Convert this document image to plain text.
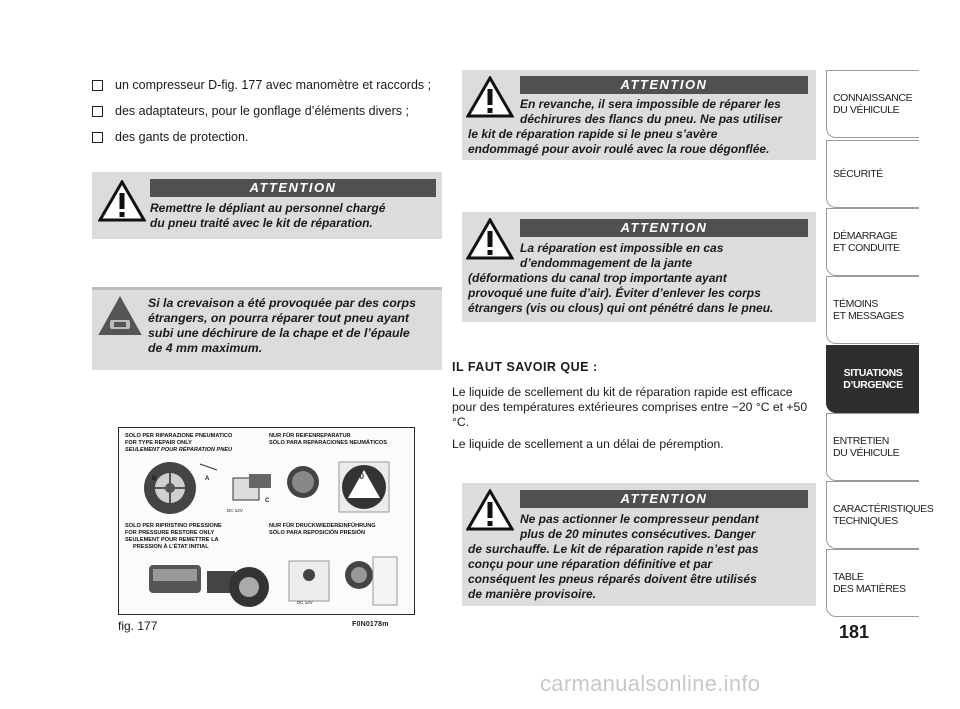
un compresseur D-fig. 177 avec manomètre et raccords ;
des adaptateurs, pour le gonflage d’éléments divers ;
des gants de protection.
ATTENTION
Remettre le dépliant au personnel chargé
du pneu traité avec le kit de réparation.
Si la crevaison a été provoquée par des corps
étrangers, on pourra réparer tout pneu ayant
subi une déchirure de la chape et de l’épaule
de 4 mm maximum.
SOLO PER RIPARAZIONE PNEUMATICO
FOR TYPE REPAIR ONLY
SEULEMENT POUR RÉPARATION PNEU
NUR FÜR REIFENREPARATUR
SÓLO PARA REPARACIONES NEUMÁTICOS
B	A
C
DC 12V
80
50
SOLO PER RIPRISTINO PRESSIONE
FOR PRESSURE RESTORE ONLY
SEULEMENT POUR REMETTRE LA
PRESSION À L’ÉTAT INITIAL
NUR FÜR DRUCKWIEDEREINFÜHRUNG
SÓLO PARA REPOSICIÓN PRESIÓN
DC 12V
fig. 177	F0N0178m
ATTENTION
En revanche, il sera impossible de réparer les
déchirures des flancs du pneu. Ne pas utiliser
le kit de réparation rapide si le pneu s’avère
endommagé pour avoir roulé avec la roue dégonflée.
ATTENTION
La réparation est impossible en cas
d’endommagement de la jante
(déformations du canal trop importante ayant
provoqué une fuite d’air). Éviter d’enlever les corps
étrangers (vis ou clous) qui ont pénétré dans le pneu.
IL FAUT SAVOIR QUE :
Le liquide de scellement du kit de réparation rapide est efficace pour des températures extérieures comprises entre −20 °C et +50 °C.
Le liquide de scellement a un délai de péremption.
ATTENTION
Ne pas actionner le compresseur pendant
plus de 20 minutes consécutives. Danger
de surchauffe. Le kit de réparation rapide n’est pas
conçu pour une réparation définitive et par
conséquent les pneus réparés doivent être utilisés
de manière provisoire.
CONNAISSANCE
DU VÉHICULE
SÉCURITÉ
DÉMARRAGE
ET CONDUITE
TÉMOINS
ET MESSAGES
SITUATIONS
D’URGENCE
ENTRETIEN
DU VÉHICULE
CARACTÉRISTIQUES
TECHNIQUES
TABLE
DES MATIÈRES
181
carmanualsonline.info
